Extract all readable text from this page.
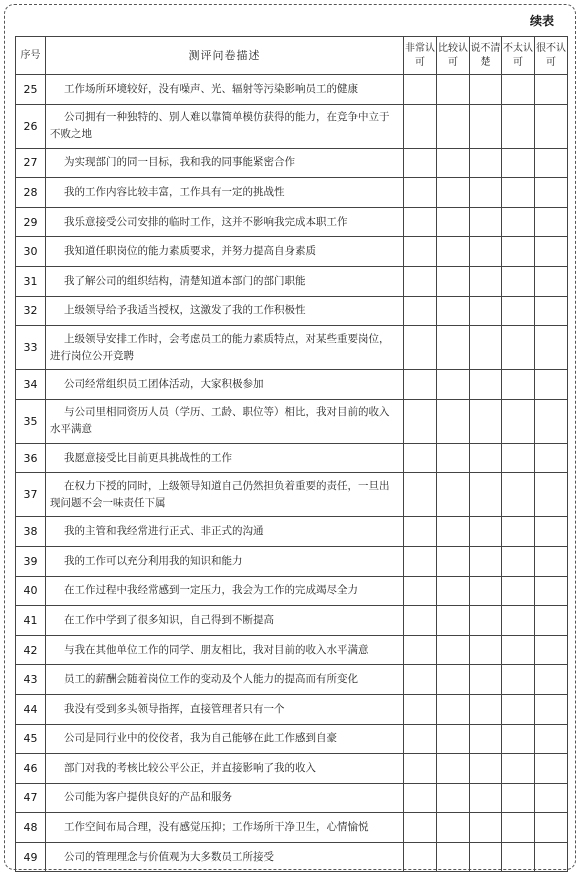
续表
序号	测评问卷描述	非常认可	比较认可	说不清楚	不太认可	很不认可
25	工作场所环境较好，没有噪声、光、辐射等污染影响员工的健康					
26	公司拥有一种独特的、别人难以靠简单模仿获得的能力，在竞争中立于不败之地					
27	为实现部门的同一目标，我和我的同事能紧密合作					
28	我的工作内容比较丰富，工作具有一定的挑战性					
29	我乐意接受公司安排的临时工作，这并不影响我完成本职工作					
30	我知道任职岗位的能力素质要求，并努力提高自身素质					
31	我了解公司的组织结构，清楚知道本部门的部门职能					
32	上级领导给予我适当授权，这激发了我的工作积极性					
33	上级领导安排工作时，会考虑员工的能力素质特点，对某些重要岗位，进行岗位公开竞聘					
34	公司经常组织员工团体活动，大家积极参加					
35	与公司里相同资历人员（学历、工龄、职位等）相比，我对目前的收入水平满意					
36	我愿意接受比目前更具挑战性的工作					
37	在权力下授的同时，上级领导知道自己仍然担负着重要的责任，一旦出现问题不会一味责任下属					
38	我的主管和我经常进行正式、非正式的沟通					
39	我的工作可以充分利用我的知识和能力					
40	在工作过程中我经常感到一定压力，我会为工作的完成竭尽全力					
41	在工作中学到了很多知识，自己得到不断提高					
42	与我在其他单位工作的同学、朋友相比，我对目前的收入水平满意					
43	员工的薪酬会随着岗位工作的变动及个人能力的提高而有所变化					
44	我没有受到多头领导指挥，直接管理者只有一个					
45	公司是同行业中的佼佼者，我为自己能够在此工作感到自豪					
46	部门对我的考核比较公平公正，并直接影响了我的收入					
47	公司能为客户提供良好的产品和服务					
48	工作空间布局合理，没有感觉压抑；工作场所干净卫生，心情愉悦					
49	公司的管理理念与价值观为大多数员工所接受					
